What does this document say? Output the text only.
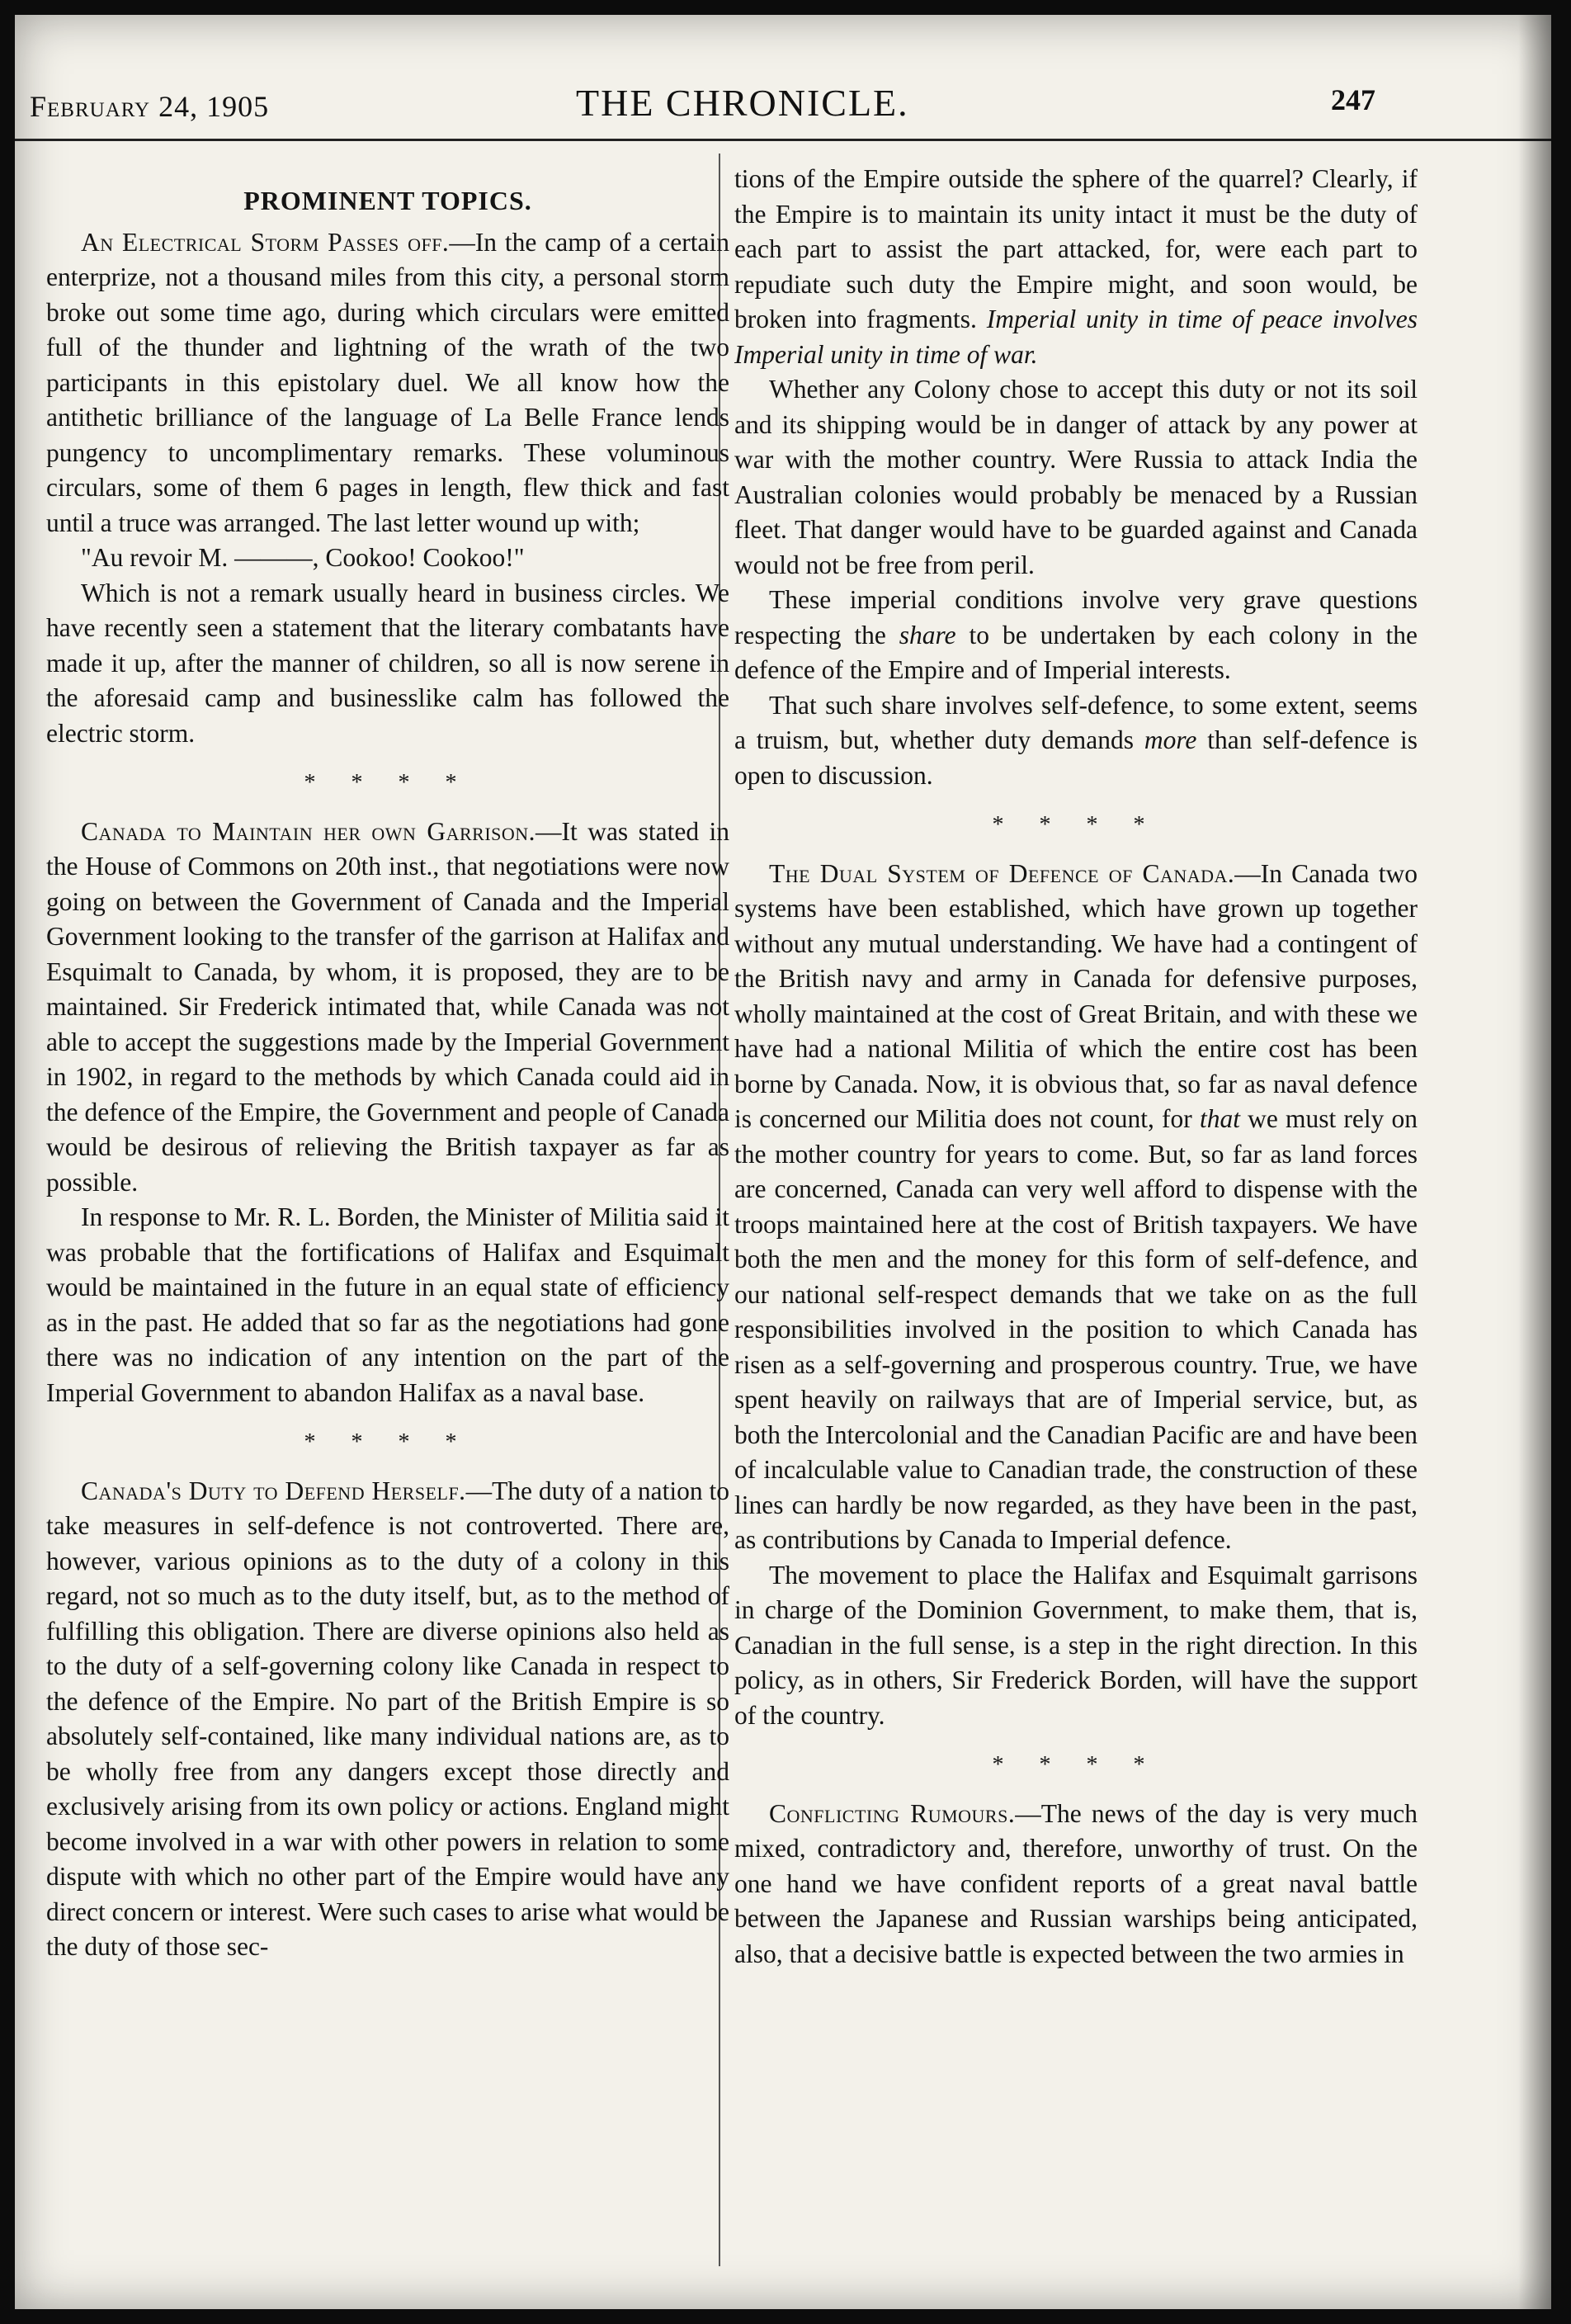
February 24, 1905	THE CHRONICLE.	247
PROMINENT TOPICS.

An Electrical Storm Passes off.—In the camp of a certain enterprize, not a thousand miles from this city, a personal storm broke out some time ago, during which circulars were emitted full of the thunder and lightning of the wrath of the two participants in this epistolary duel. We all know how the antithetic brilliance of the language of La Belle France lends pungency to uncomplimentary remarks. These voluminous circulars, some of them 6 pages in length, flew thick and fast until a truce was arranged. The last letter wound up with;

"Au revoir M. ———, Cookoo! Cookoo!"

Which is not a remark usually heard in business circles. We have recently seen a statement that the literary combatants have made it up, after the manner of children, so all is now serene in the aforesaid camp and businesslike calm has followed the electric storm.

* * * *

Canada to Maintain her own Garrison.—It was stated in the House of Commons on 20th inst., that negotiations were now going on between the Government of Canada and the Imperial Government looking to the transfer of the garrison at Halifax and Esquimalt to Canada, by whom, it is proposed, they are to be maintained. Sir Frederick intimated that, while Canada was not able to accept the suggestions made by the Imperial Government in 1902, in regard to the methods by which Canada could aid in the defence of the Empire, the Government and people of Canada would be desirous of relieving the British taxpayer as far as possible.

In response to Mr. R. L. Borden, the Minister of Militia said it was probable that the fortifications of Halifax and Esquimalt would be maintained in the future in an equal state of efficiency as in the past. He added that so far as the negotiations had gone there was no indication of any intention on the part of the Imperial Government to abandon Halifax as a naval base.

* * * *

Canada's Duty to Defend Herself.—The duty of a nation to take measures in self-defence is not controverted. There are, however, various opinions as to the duty of a colony in this regard, not so much as to the duty itself, but, as to the method of fulfilling this obligation. There are diverse opinions also held as to the duty of a self-governing colony like Canada in respect to the defence of the Empire. No part of the British Empire is so absolutely self-contained, like many individual nations are, as to be wholly free from any dangers except those directly and exclusively arising from its own policy or actions. England might become involved in a war with other powers in relation to some dispute with which no other part of the Empire would have any direct concern or interest. Were such cases to arise what would be the duty of those sec-

tions of the Empire outside the sphere of the quarrel? Clearly, if the Empire is to maintain its unity intact it must be the duty of each part to assist the part attacked, for, were each part to repudiate such duty the Empire might, and soon would, be broken into fragments. Imperial unity in time of peace involves Imperial unity in time of war.

Whether any Colony chose to accept this duty or not its soil and its shipping would be in danger of attack by any power at war with the mother country. Were Russia to attack India the Australian colonies would probably be menaced by a Russian fleet. That danger would have to be guarded against and Canada would not be free from peril.

These imperial conditions involve very grave questions respecting the share to be undertaken by each colony in the defence of the Empire and of Imperial interests.

That such share involves self-defence, to some extent, seems a truism, but, whether duty demands more than self-defence is open to discussion.

* * * *

The Dual System of Defence of Canada.—In Canada two systems have been established, which have grown up together without any mutual understanding. We have had a contingent of the British navy and army in Canada for defensive purposes, wholly maintained at the cost of Great Britain, and with these we have had a national Militia of which the entire cost has been borne by Canada. Now, it is obvious that, so far as naval defence is concerned our Militia does not count, for that we must rely on the mother country for years to come. But, so far as land forces are concerned, Canada can very well afford to dispense with the troops maintained here at the cost of British taxpayers. We have both the men and the money for this form of self-defence, and our national self-respect demands that we take on as the full responsibilities involved in the position to which Canada has risen as a self-governing and prosperous country. True, we have spent heavily on railways that are of Imperial service, but, as both the Intercolonial and the Canadian Pacific are and have been of incalculable value to Canadian trade, the construction of these lines can hardly be now regarded, as they have been in the past, as contributions by Canada to Imperial defence.

The movement to place the Halifax and Esquimalt garrisons in charge of the Dominion Government, to make them, that is, Canadian in the full sense, is a step in the right direction. In this policy, as in others, Sir Frederick Borden, will have the support of the country.

* * * *

Conflicting Rumours.—The news of the day is very much mixed, contradictory and, therefore, unworthy of trust. On the one hand we have confident reports of a great naval battle between the Japanese and Russian warships being anticipated, also, that a decisive battle is expected between the two armies in
